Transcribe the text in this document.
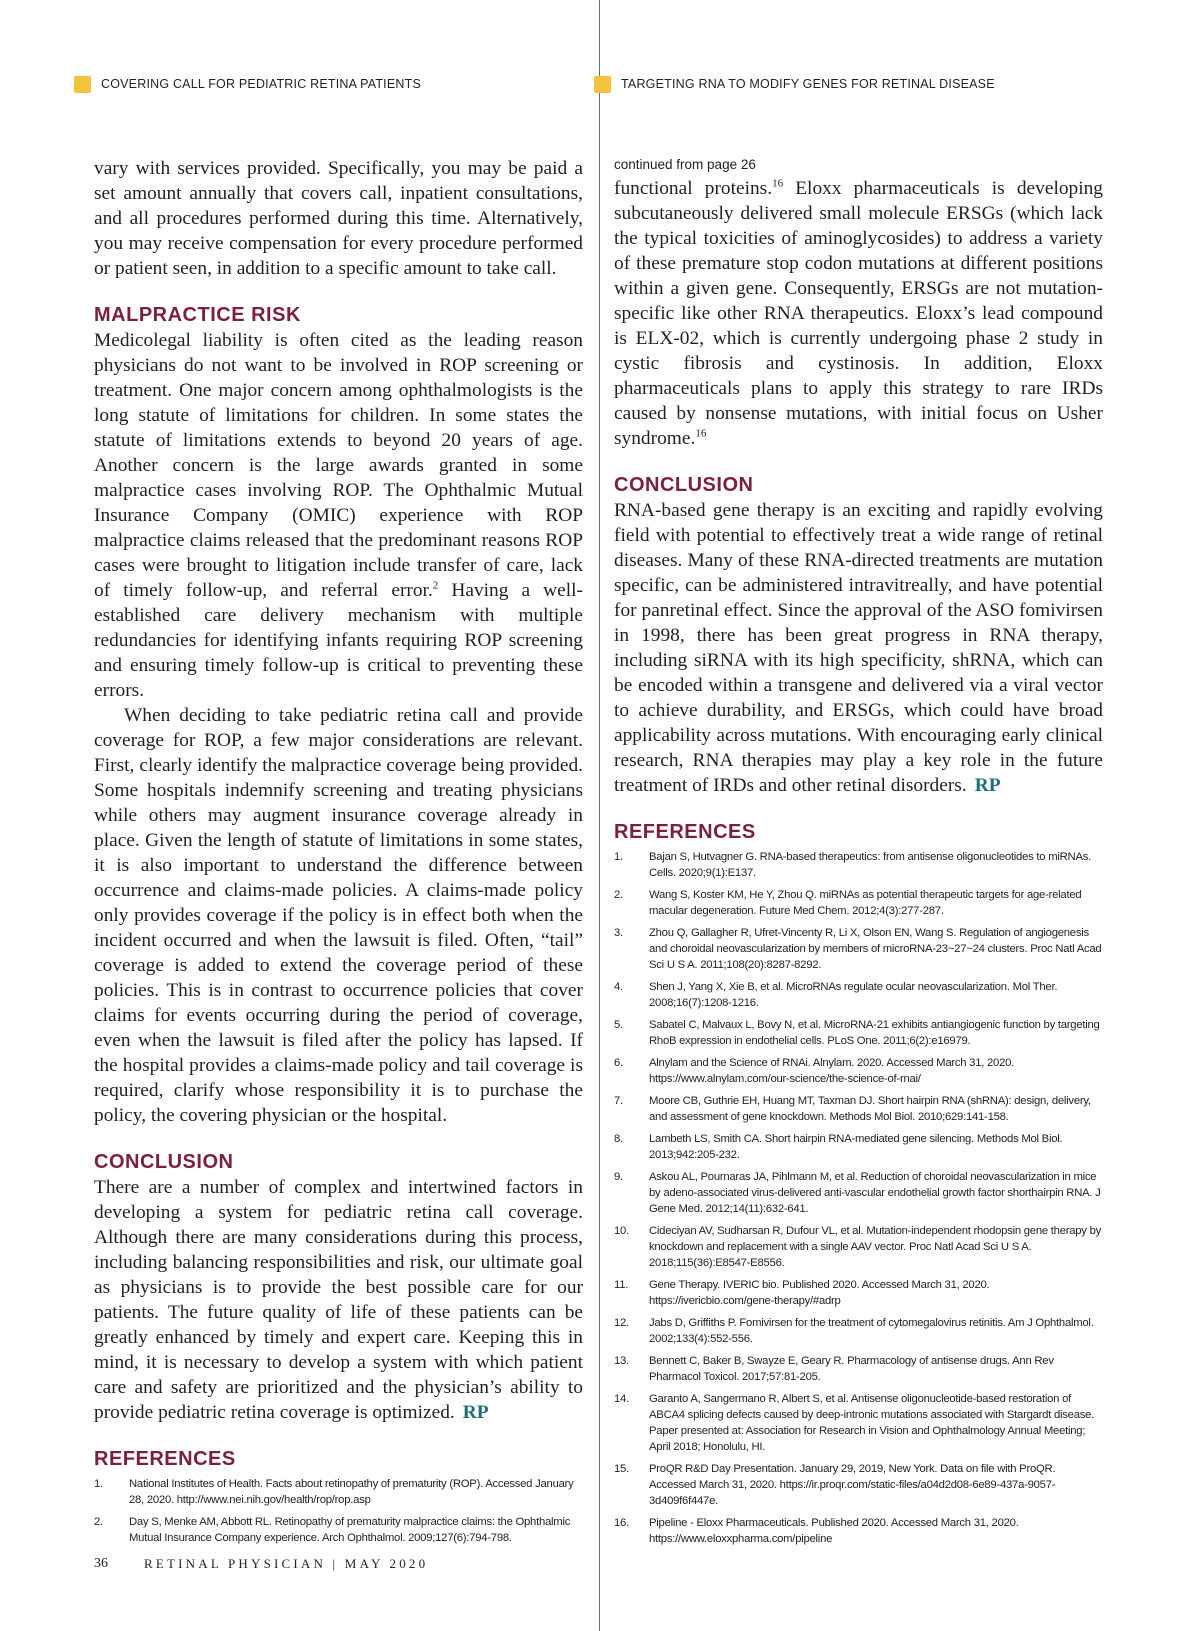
COVERING CALL FOR PEDIATRIC RETINA PATIENTS	TARGETING RNA TO MODIFY GENES FOR RETINAL DISEASE

vary with services provided. Specifically, you may be paid a set amount annually that covers call, inpatient consultations, and all procedures performed during this time. Alternatively, you may receive compensation for every procedure performed or patient seen, in addition to a specific amount to take call.

MALPRACTICE RISK

Medicolegal liability is often cited as the leading reason physicians do not want to be involved in ROP screening or treatment. One major concern among ophthalmologists is the long statute of limitations for children. In some states the statute of limitations extends to beyond 20 years of age. Another concern is the large awards granted in some malpractice cases involving ROP. The Ophthalmic Mutual Insurance Company (OMIC) experience with ROP malpractice claims released that the predominant reasons ROP cases were brought to litigation include transfer of care, lack of timely follow-up, and referral error.$^2$ Having a well-established care delivery mechanism with multiple redundancies for identifying infants requiring ROP screening and ensuring timely follow-up is critical to preventing these errors.

When deciding to take pediatric retina call and provide coverage for ROP, a few major considerations are relevant. First, clearly identify the malpractice coverage being provided. Some hospitals indemnify screening and treating physicians while others may augment insurance coverage already in place. Given the length of statute of limitations in some states, it is also important to understand the difference between occurrence and claims-made policies. A claims-made policy only provides coverage if the policy is in effect both when the incident occurred and when the lawsuit is filed. Often, “tail” coverage is added to extend the coverage period of these policies. This is in contrast to occurrence policies that cover claims for events occurring during the period of coverage, even when the lawsuit is filed after the policy has lapsed. If the hospital provides a claims-made policy and tail coverage is required, clarify whose responsibility it is to purchase the policy, the covering physician or the hospital.

CONCLUSION

There are a number of complex and intertwined factors in developing a system for pediatric retina call coverage. Although there are many considerations during this process, including balancing responsibilities and risk, our ultimate goal as physicians is to provide the best possible care for our patients. The future quality of life of these patients can be greatly enhanced by timely and expert care. Keeping this in mind, it is necessary to develop a system with which patient care and safety are prioritized and the physician’s ability to provide pediatric retina coverage is optimized. RP

REFERENCES
1.	National Institutes of Health. Facts about retinopathy of prematurity (ROP). Accessed January 28, 2020. http://www.nei.nih.gov/health/rop/rop.asp
2.	Day S, Menke AM, Abbott RL. Retinopathy of prematurity malpractice claims: the Ophthalmic Mutual Insurance Company experience. Arch Ophthalmol. 2009;127(6):794-798.
continued from page 26

functional proteins.$^{16}$ Eloxx pharmaceuticals is developing subcutaneously delivered small molecule ERSGs (which lack the typical toxicities of aminoglycosides) to address a variety of these premature stop codon mutations at different positions within a given gene. Consequently, ERSGs are not mutation-specific like other RNA therapeutics. Eloxx’s lead compound is ELX-02, which is currently undergoing phase 2 study in cystic fibrosis and cystinosis. In addition, Eloxx pharmaceuticals plans to apply this strategy to rare IRDs caused by nonsense mutations, with initial focus on Usher syndrome.$^{16}$

CONCLUSION

RNA-based gene therapy is an exciting and rapidly evolving field with potential to effectively treat a wide range of retinal diseases. Many of these RNA-directed treatments are mutation specific, can be administered intravitreally, and have potential for panretinal effect. Since the approval of the ASO fomivirsen in 1998, there has been great progress in RNA therapy, including siRNA with its high specificity, shRNA, which can be encoded within a transgene and delivered via a viral vector to achieve durability, and ERSGs, which could have broad applicability across mutations. With encouraging early clinical research, RNA therapies may play a key role in the future treatment of IRDs and other retinal disorders. RP

REFERENCES
1.	Bajan S, Hutvagner G. RNA-based therapeutics: from antisense oligonucleotides to miRNAs. Cells. 2020;9(1):E137.
2.	Wang S, Koster KM, He Y, Zhou Q. miRNAs as potential therapeutic targets for age-related macular degeneration. Future Med Chem. 2012;4(3):277-287.
3.	Zhou Q, Gallagher R, Ufret-Vincenty R, Li X, Olson EN, Wang S. Regulation of angiogenesis and choroidal neovascularization by members of microRNA-23~27~24 clusters. Proc Natl Acad Sci U S A. 2011;108(20):8287-8292.
4.	Shen J, Yang X, Xie B, et al. MicroRNAs regulate ocular neovascularization. Mol Ther. 2008;16(7):1208-1216.
5.	Sabatel C, Malvaux L, Bovy N, et al. MicroRNA-21 exhibits antiangiogenic function by targeting RhoB expression in endothelial cells. PLoS One. 2011;6(2):e16979.
6.	Alnylam and the Science of RNAi. Alnylam. 2020. Accessed March 31, 2020. https://www.alnylam.com/our-science/the-science-of-rnai/
7.	Moore CB, Guthrie EH, Huang MT, Taxman DJ. Short hairpin RNA (shRNA): design, delivery, and assessment of gene knockdown. Methods Mol Biol. 2010;629:141-158.
8.	Lambeth LS, Smith CA. Short hairpin RNA-mediated gene silencing. Methods Mol Biol. 2013;942:205-232.
9.	Askou AL, Pournaras JA, Pihlmann M, et al. Reduction of choroidal neovascularization in mice by adeno-associated virus-delivered anti-vascular endothelial growth factor shorthairpin RNA. J Gene Med. 2012;14(11):632-641.
10.	Cideciyan AV, Sudharsan R, Dufour VL, et al. Mutation-independent rhodopsin gene therapy by knockdown and replacement with a single AAV vector. Proc Natl Acad Sci U S A. 2018;115(36):E8547-E8556.
11.	Gene Therapy. IVERIC bio. Published 2020. Accessed March 31, 2020. https://ivericbio.com/gene-therapy/#adrp
12.	Jabs D, Griffiths P. Fomivirsen for the treatment of cytomegalovirus retinitis. Am J Ophthalmol. 2002;133(4):552-556.
13.	Bennett C, Baker B, Swayze E, Geary R. Pharmacology of antisense drugs. Ann Rev Pharmacol Toxicol. 2017;57:81-205.
14.	Garanto A, Sangermano R, Albert S, et al. Antisense oligonucleotide-based restoration of ABCA4 splicing defects caused by deep-intronic mutations associated with Stargardt disease. Paper presented at: Association for Research in Vision and Ophthalmology Annual Meeting; April 2018; Honolulu, HI.
15.	ProQR R&D Day Presentation. January 29, 2019, New York. Data on file with ProQR. Accessed March 31, 2020. https://ir.proqr.com/static-files/a04d2d08-6e89-437a-9057-3d409f6f447e.
16.	Pipeline - Eloxx Pharmaceuticals. Published 2020. Accessed March 31, 2020. https://www.eloxxpharma.com/pipeline
36	RETINAL PHYSICIAN | MAY 2020
